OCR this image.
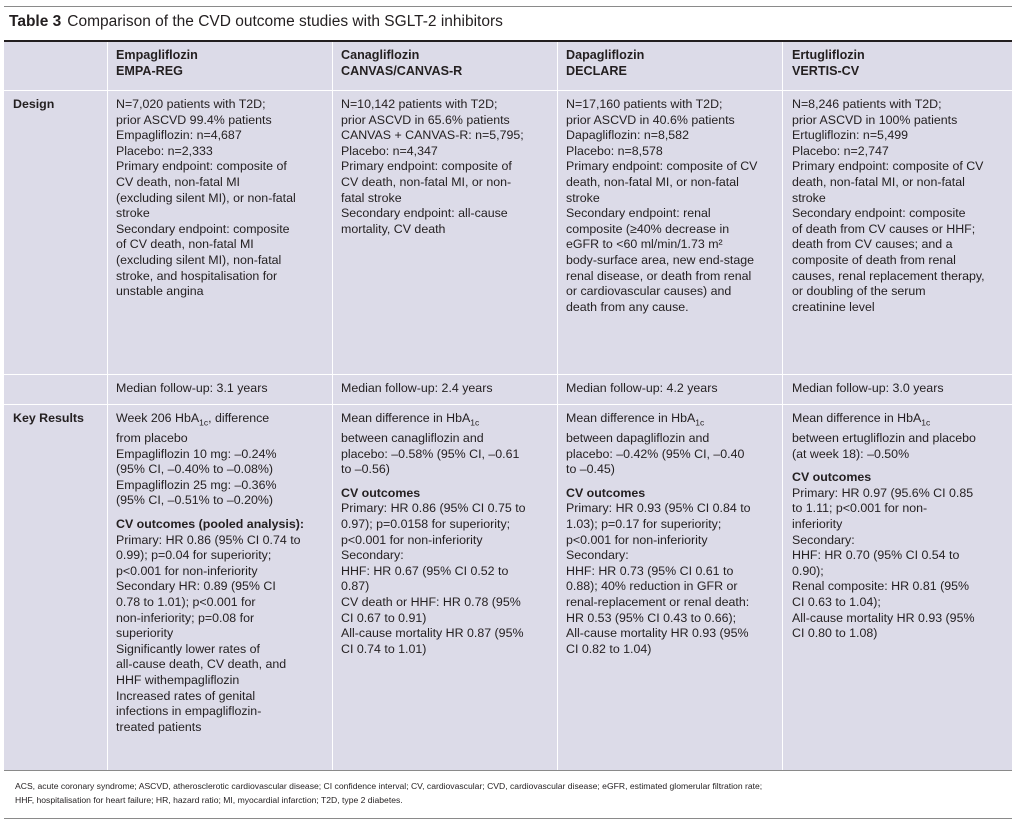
Table 3 Comparison of the CVD outcome studies with SGLT-2 inhibitors
Design
Key Results
Empagliflozin
EMPA-REG
N=7,020 patients with T2D;
prior ASCVD 99.4% patients
Empagliflozin: n=4,687
Placebo: n=2,333
Primary endpoint: composite of
CV death, non-fatal MI
(excluding silent MI), or non-fatal
stroke
Secondary endpoint: composite
of CV death, non-fatal MI
(excluding silent MI), non-fatal
stroke, and hospitalisation for
unstable angina
Median follow-up: 3.1 years
Week 206 HbA$_{1c}$, difference
from placebo
Empagliflozin 10 mg: –0.24%
(95% CI, –0.40% to –0.08%)
Empagliflozin 25 mg: –0.36%
(95% CI, –0.51% to –0.20%)
CV outcomes (pooled analysis):
Primary: HR 0.86 (95% CI 0.74 to
0.99); p=0.04 for superiority;
p<0.001 for non-inferiority
Secondary HR: 0.89 (95% CI
0.78 to 1.01); p<0.001 for
non-inferiority; p=0.08 for
superiority
Significantly lower rates of
all-cause death, CV death, and
HHF withempagliflozin
Increased rates of genital
infections in empagliflozin-
treated patients
Canagliflozin
CANVAS/CANVAS-R
N=10,142 patients with T2D;
prior ASCVD in 65.6% patients
CANVAS + CANVAS-R: n=5,795;
Placebo: n=4,347
Primary endpoint: composite of
CV death, non-fatal MI, or non-
fatal stroke
Secondary endpoint: all-cause
mortality, CV death
Median follow-up: 2.4 years
Mean difference in HbA$_{1c}$
between canagliflozin and
placebo: –0.58% (95% CI, –0.61
to –0.56)
CV outcomes
Primary: HR 0.86 (95% CI 0.75 to
0.97); p=0.0158 for superiority;
p<0.001 for non-inferiority
Secondary:
HHF: HR 0.67 (95% CI 0.52 to
0.87)
CV death or HHF: HR 0.78 (95%
CI 0.67 to 0.91)
All-cause mortality HR 0.87 (95%
CI 0.74 to 1.01)
Dapagliflozin
DECLARE
N=17,160 patients with T2D;
prior ASCVD in 40.6% patients
Dapagliflozin: n=8,582
Placebo: n=8,578
Primary endpoint: composite of CV
death, non-fatal MI, or non-fatal
stroke
Secondary endpoint: renal
composite (≥40% decrease in
eGFR to <60 ml/min/1.73 m²
body-surface area, new end-stage
renal disease, or death from renal
or cardiovascular causes) and
death from any cause.
Median follow-up: 4.2 years
Mean difference in HbA$_{1c}$
between dapagliflozin and
placebo: –0.42% (95% CI, –0.40
to –0.45)
CV outcomes
Primary: HR 0.93 (95% CI 0.84 to
1.03); p=0.17 for superiority;
p<0.001 for non-inferiority
Secondary:
HHF: HR 0.73 (95% CI 0.61 to
0.88); 40% reduction in GFR or
renal-replacement or renal death:
HR 0.53 (95% CI 0.43 to 0.66);
All-cause mortality HR 0.93 (95%
CI 0.82 to 1.04)
Ertugliflozin
VERTIS-CV
N=8,246 patients with T2D;
prior ASCVD in 100% patients
Ertugliflozin: n=5,499
Placebo: n=2,747
Primary endpoint: composite of CV
death, non-fatal MI, or non-fatal
stroke
Secondary endpoint: composite
of death from CV causes or HHF;
death from CV causes; and a
composite of death from renal
causes, renal replacement therapy,
or doubling of the serum
creatinine level
Median follow-up: 3.0 years
Mean difference in HbA$_{1c}$
between ertugliflozin and placebo
(at week 18): –0.50%
CV outcomes
Primary: HR 0.97 (95.6% CI 0.85
to 1.11; p<0.001 for non-
inferiority
Secondary:
HHF: HR 0.70 (95% CI 0.54 to
0.90);
Renal composite: HR 0.81 (95%
CI 0.63 to 1.04);
All-cause mortality HR 0.93 (95%
CI 0.80 to 1.08)
ACS, acute coronary syndrome; ASCVD, atherosclerotic cardiovascular disease; CI confidence interval; CV, cardiovascular; CVD, cardiovascular disease; eGFR, estimated glomerular filtration rate;
HHF, hospitalisation for heart failure; HR, hazard ratio; MI, myocardial infarction; T2D, type 2 diabetes.
